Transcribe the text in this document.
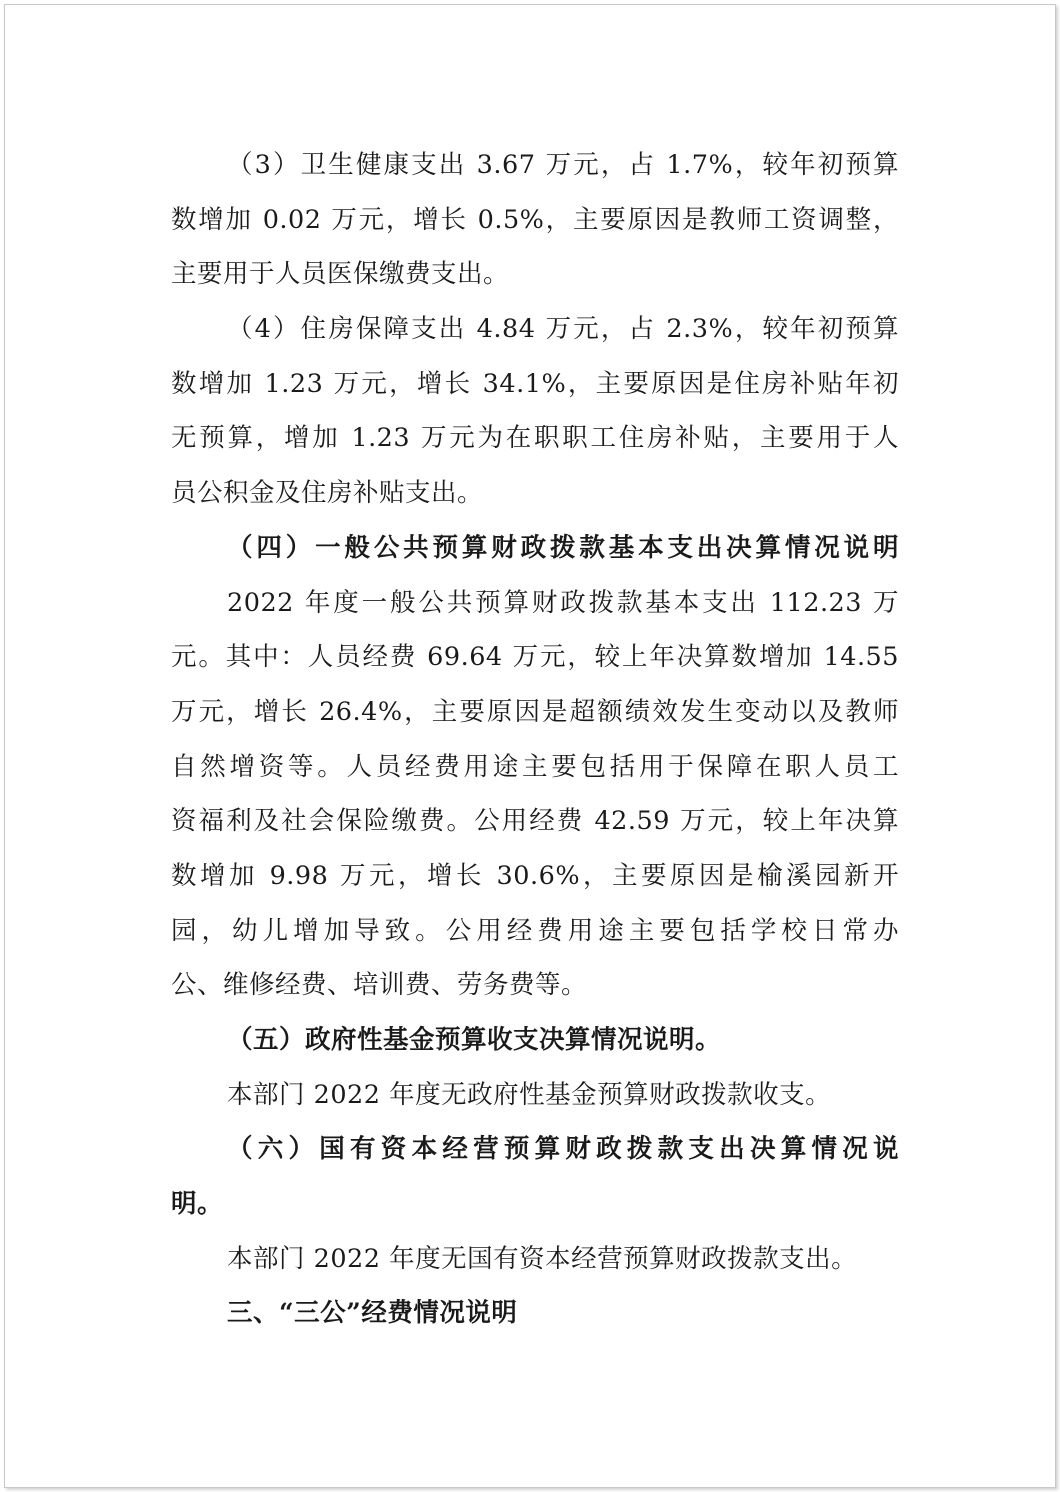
（3）卫生健康支出 3.67 万元，占 1.7%，较年初预算
数增加 0.02 万元，增长 0.5%，主要原因是教师工资调整，
主要用于人员医保缴费支出。
（4）住房保障支出 4.84 万元，占 2.3%，较年初预算
数增加 1.23 万元，增长 34.1%，主要原因是住房补贴年初
无预算，增加 1.23 万元为在职职工住房补贴，主要用于人
员公积金及住房补贴支出。
（四）一般公共预算财政拨款基本支出决算情况说明
2022 年度一般公共预算财政拨款基本支出 112.23 万
元。其中：人员经费 69.64 万元，较上年决算数增加 14.55
万元，增长 26.4%，主要原因是超额绩效发生变动以及教师
自然增资等。人员经费用途主要包括用于保障在职人员工
资福利及社会保险缴费。公用经费 42.59 万元，较上年决算
数增加 9.98 万元，增长 30.6%，主要原因是榆溪园新开
园，幼儿增加导致。公用经费用途主要包括学校日常办
公、维修经费、培训费、劳务费等。
（五）政府性基金预算收支决算情况说明。
本部门 2022 年度无政府性基金预算财政拨款收支。
（六）国有资本经营预算财政拨款支出决算情况说
明。
本部门 2022 年度无国有资本经营预算财政拨款支出。
三、“三公”经费情况说明
